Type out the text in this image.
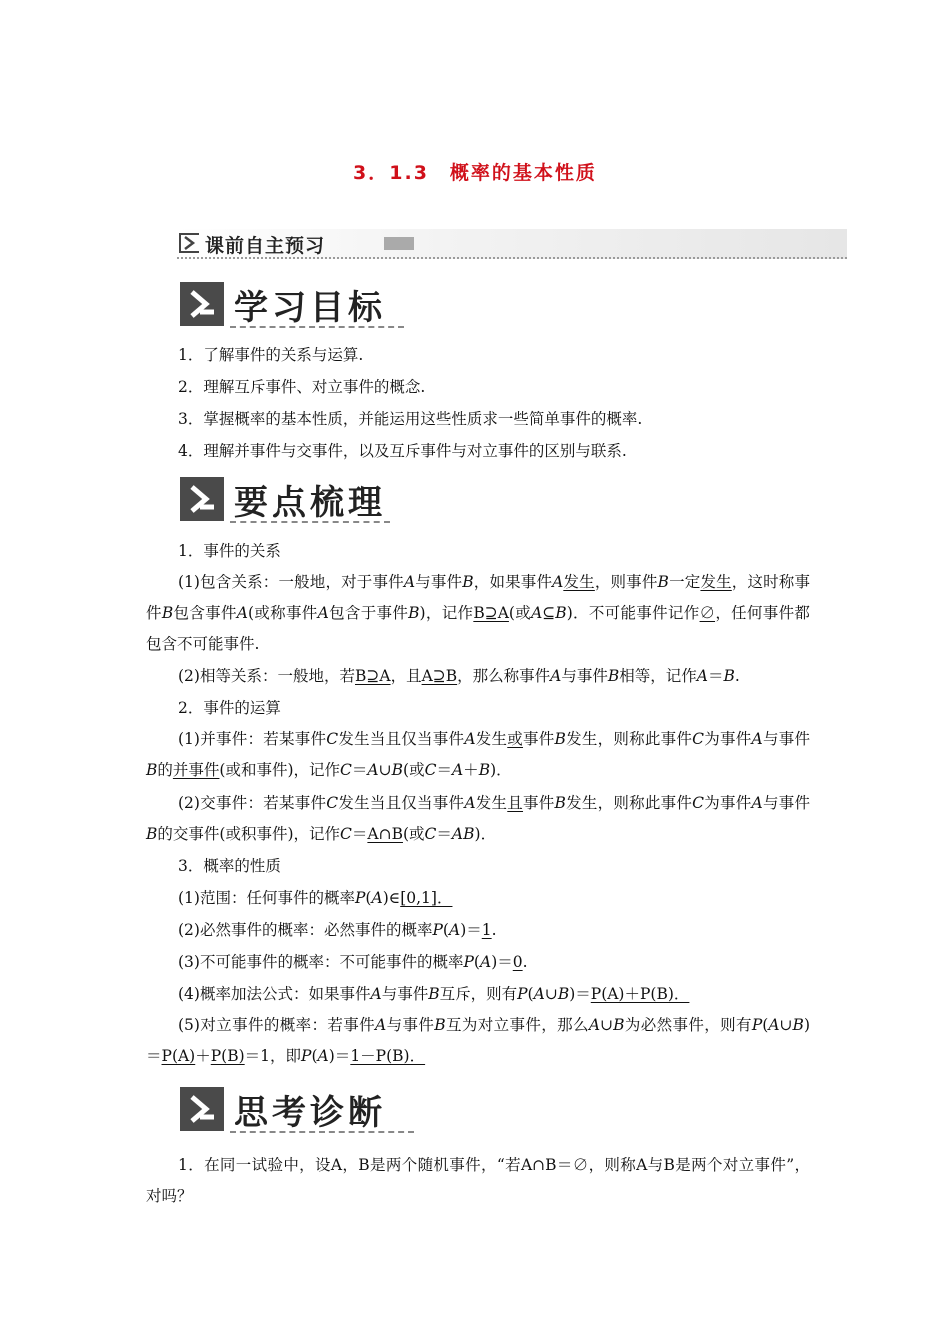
3．1.3　概率的基本性质
课前自主预习
学习目标
1．了解事件的关系与运算.
2．理解互斥事件、对立事件的概念.
3．掌握概率的基本性质，并能运用这些性质求一些简单事件的概率.
4．理解并事件与交事件，以及互斥事件与对立事件的区别与联系.
要点梳理
1．事件的关系
(1)包含关系：一般地，对于事件A与事件B，如果事件A发生，则事件B一定发生，这时称事件B包含事件A(或称事件A包含于事件B)，记作B⊇A(或A⊆B)．不可能事件记作∅，任何事件都包含不可能事件.
(2)相等关系：一般地，若B⊇A，且A⊇B，那么称事件A与事件B相等，记作A＝B.
2．事件的运算
(1)并事件：若某事件C发生当且仅当事件A发生或事件B发生，则称此事件C为事件A与事件B的并事件(或和事件)，记作C＝A∪B(或C＝A＋B)．
(2)交事件：若某事件C发生当且仅当事件A发生且事件B发生，则称此事件C为事件A与事件B的交事件(或积事件)，记作C＝A∩B(或C＝AB)．
3．概率的性质
(1)范围：任何事件的概率P(A)∈[0,1]．
(2)必然事件的概率：必然事件的概率P(A)＝1.
(3)不可能事件的概率：不可能事件的概率P(A)＝0.
(4)概率加法公式：如果事件A与事件B互斥，则有P(A∪B)＝P(A)＋P(B)．
(5)对立事件的概率：若事件A与事件B互为对立事件，那么A∪B为必然事件，则有P(A∪B)＝P(A)＋P(B)＝1，即P(A)＝1－P(B)．
思考诊断
1．在同一试验中，设A，B是两个随机事件，“若A∩B＝∅，则称A与B是两个对立事件”，对吗？
